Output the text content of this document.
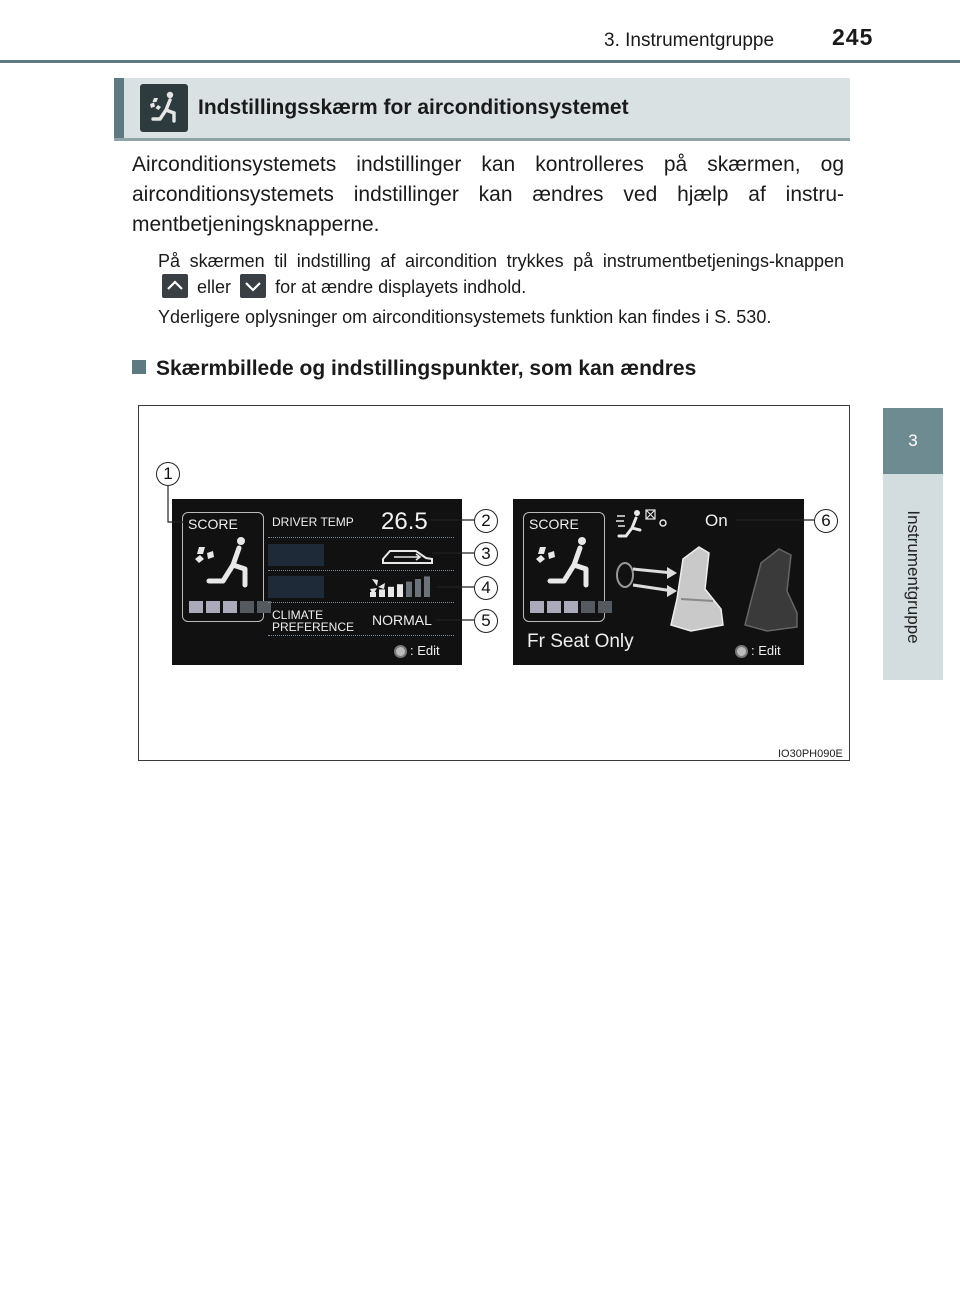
3. Instrumentgruppe	245
3
Instrumentgruppe
Indstillingsskærm for airconditionsystemet
Airconditionsystemets indstillinger kan kontrolleres på skærmen, og airconditionsystemets indstillinger kan ændres ved hjælp af instru-mentbetjeningsknapperne.
På skærmen til indstilling af aircondition trykkes på instrumentbetjenings-knappen
eller for at ændre displayets indhold.
Yderligere oplysninger om airconditionsystemets funktion kan findes i S. 530.
Skærmbillede og indstillingspunkter, som kan ændres
IO30PH090E
SCORE	DRIVER TEMP 26.5
CLIMATE
PREFERENCE NORMAL
: Edit
SCORE	On
Fr Seat Only	: Edit
1
2
3
4
5
6
